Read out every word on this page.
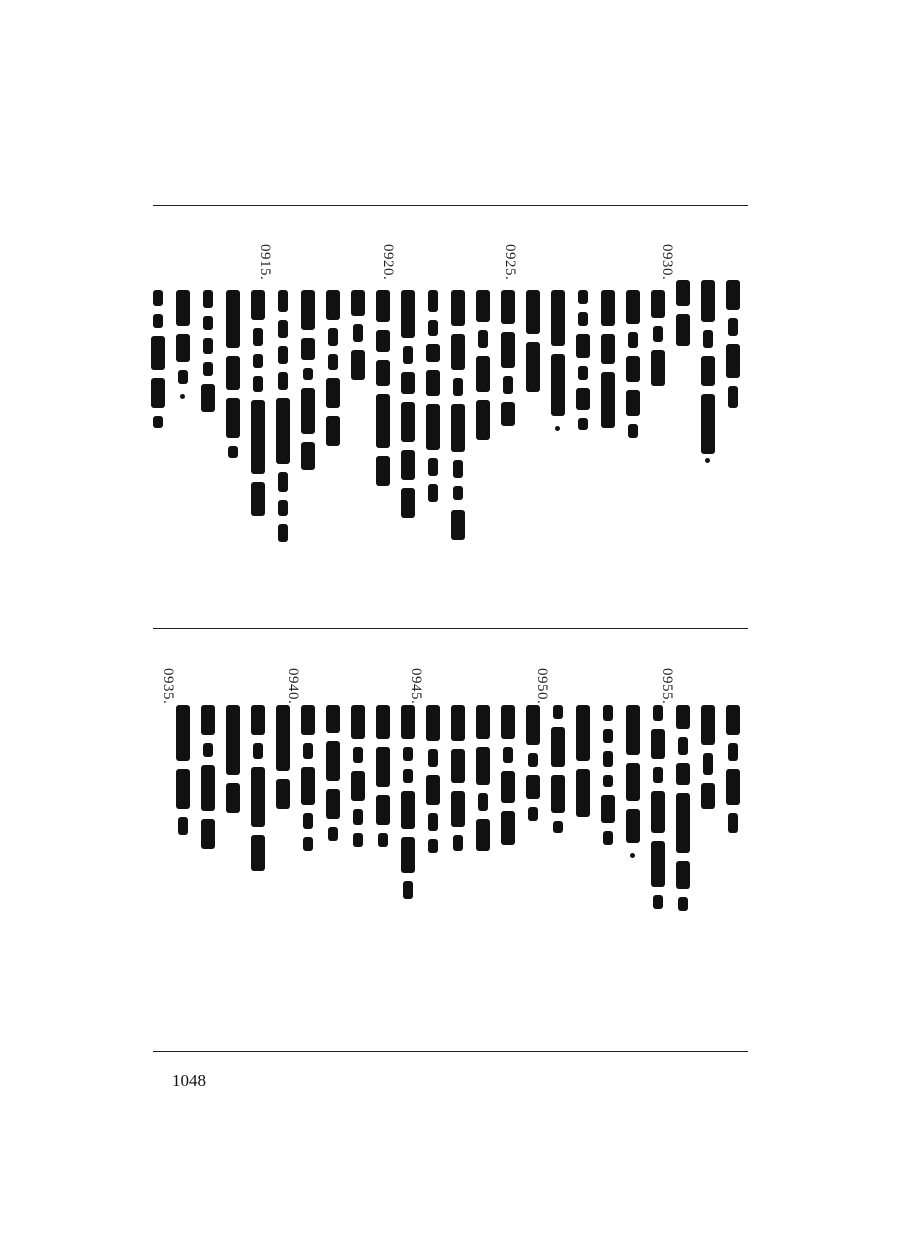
0930.
0925.
0920.
0915.
0955.
0950.
0945.
0940.
0935.
1048
